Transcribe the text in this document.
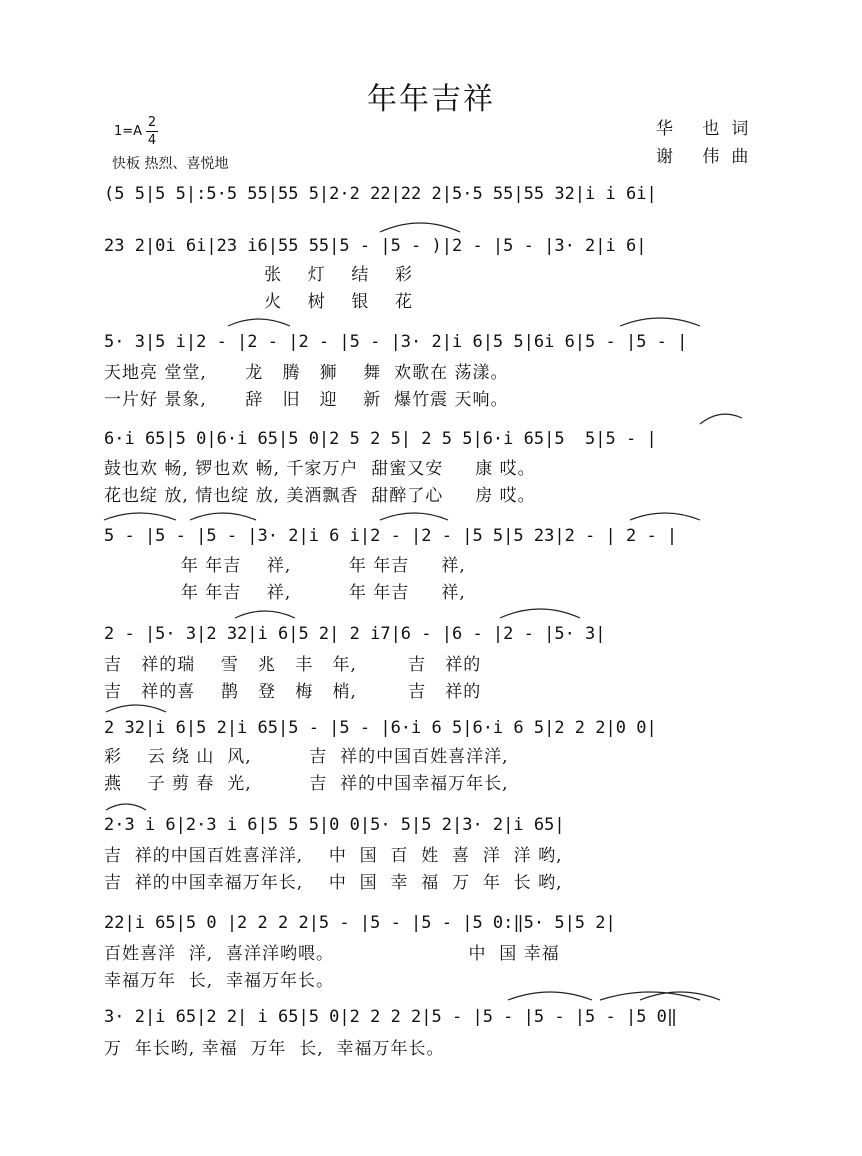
年年吉祥
$1=A \frac{2}{4}$
快板 热烈、喜悦地
华 也词
谢 伟曲
(5 5|5 5|:5·5 55|55 5|2·2 22|22 2|5·5 55|55 32|i i 6i|
23 2|0i 6i|23 i6|55 55|5 - |5 - )|2 - |5 - |3· 2|i 6|
张    灯    结    彩
火    树    银    花
5· 3|5 i|2 - |2 - |2 - |5 - |3· 2|i 6|5 5|6i 6|5 - |5 - |
天地亮 堂堂,      龙   腾   狮    舞  欢歌在 荡漾。
一片好 景象,      辞   旧   迎    新  爆竹震 天响。
6·i 65|5 0|6·i 65|5 0|2 5 2 5| 2 5 5|6·i 65|5  5|5 - |
鼓也欢 畅, 锣也欢 畅, 千家万户  甜蜜又安     康 哎。
花也绽 放, 情也绽 放, 美酒飘香  甜醉了心     房 哎。
5 - |5 - |5 - |3· 2|i 6 i|2 - |2 - |5 5|5 23|2 - | 2 - |
年 年吉    祥,         年 年吉     祥,
年 年吉    祥,         年 年吉     祥,
2 - |5· 3|2 32|i 6|5 2| 2 i7|6 - |6 - |2 - |5· 3|
吉   祥的瑞    雪   兆   丰   年,        吉   祥的
吉   祥的喜    鹊   登   梅   梢,        吉   祥的
2 32|i 6|5 2|i 65|5 - |5 - |6·i 6 5|6·i 6 5|2 2 2|0 0|
彩    云 绕 山  风,         吉  祥的中国百姓喜洋洋,
燕    子 剪 春  光,         吉  祥的中国幸福万年长,
2·3 i 6|2·3 i 6|5 5 5|0 0|5· 5|5 2|3· 2|i 65|
吉  祥的中国百姓喜洋洋,    中  国  百  姓  喜  洋  洋 哟,
吉  祥的中国幸福万年长,    中  国  幸  福  万  年  长 哟,
22|i 65|5 0 |2 2 2 2|5 - |5 - |5 - |5 0:‖5· 5|5 2|
百姓喜洋  洋,  喜洋洋哟喂。                     中  国 幸福
幸福万年  长,  幸福万年长。
3· 2|i 65|2 2| i 65|5 0|2 2 2 2|5 - |5 - |5 - |5 - |5 0‖
万  年长哟, 幸福  万年  长,  幸福万年长。
